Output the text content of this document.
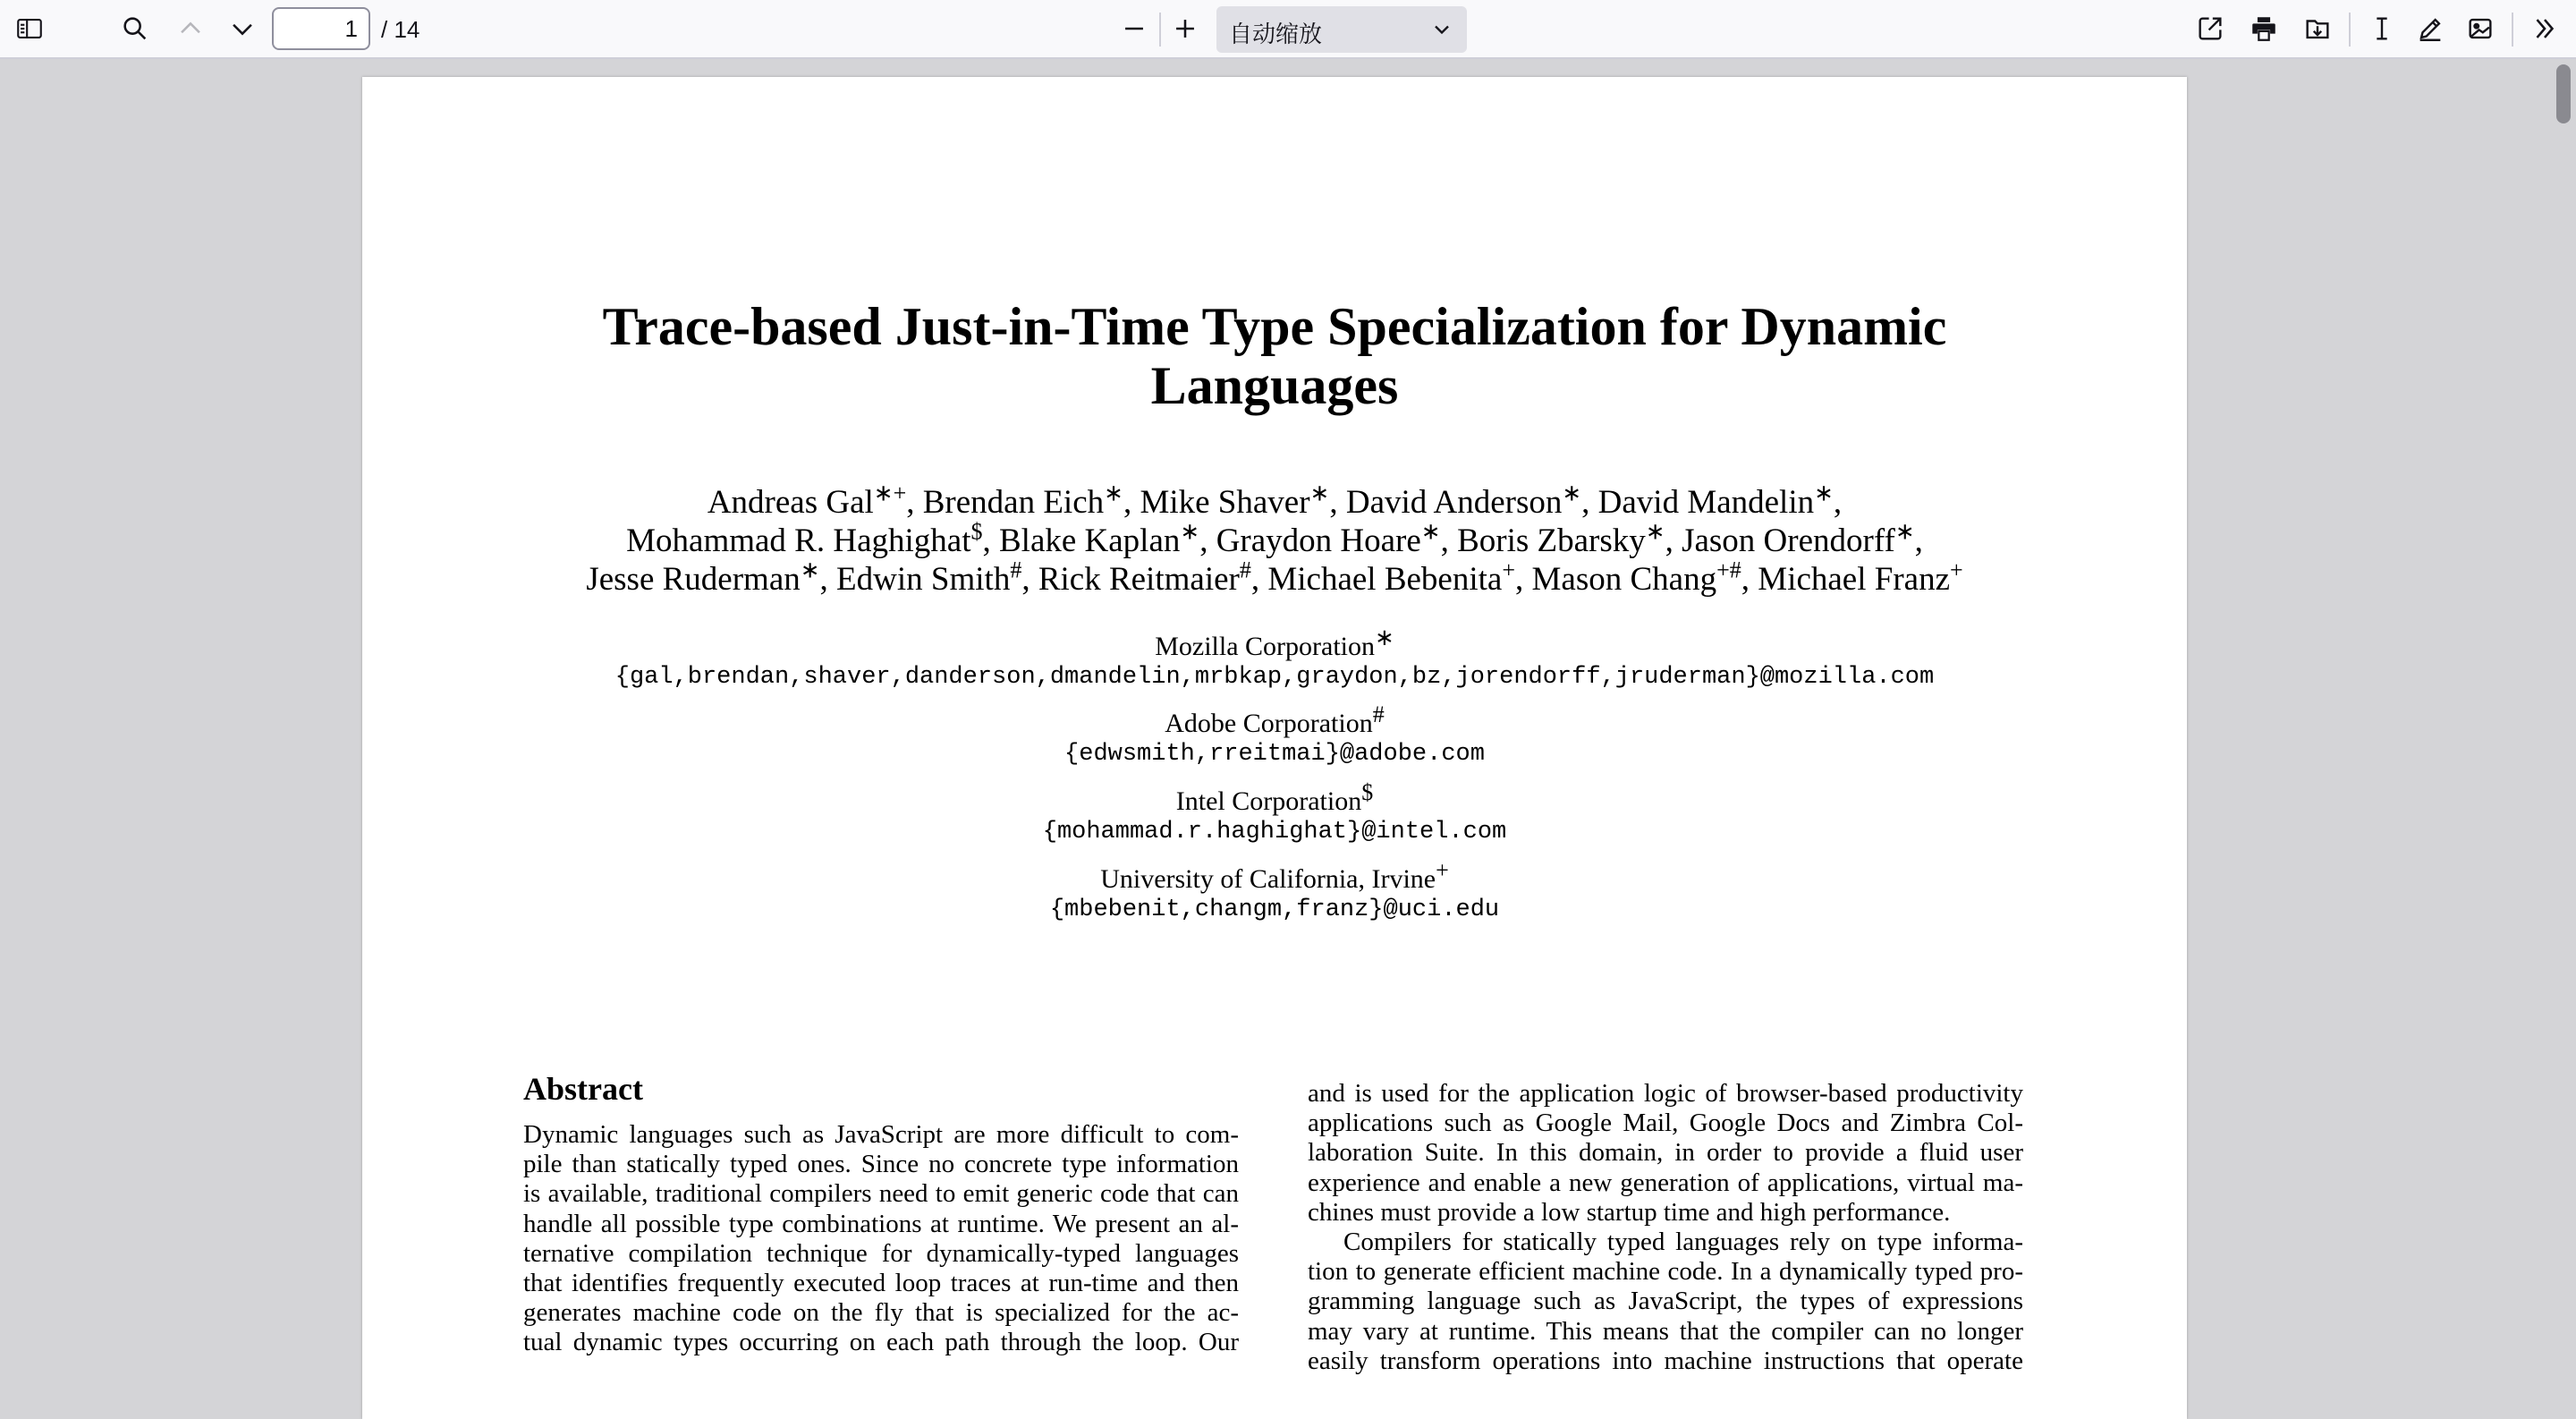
1
/ 14	自动缩放
Trace-based Just-in-Time Type Specialization for Dynamic
Languages
Andreas Gal∗+, Brendan Eich∗, Mike Shaver∗, David Anderson∗, David Mandelin∗,
Mohammad R. Haghighat$, Blake Kaplan∗, Graydon Hoare∗, Boris Zbarsky∗, Jason Orendorff∗,
Jesse Ruderman∗, Edwin Smith#, Rick Reitmaier#, Michael Bebenita+, Mason Chang+#, Michael Franz+
Mozilla Corporation∗
{gal,brendan,shaver,danderson,dmandelin,mrbkap,graydon,bz,jorendorff,jruderman}@mozilla.com
Adobe Corporation#
{edwsmith,rreitmai}@adobe.com
Intel Corporation$
{mohammad.r.haghighat}@intel.com
University of California, Irvine+
{mbebenit,changm,franz}@uci.edu
Abstract

Dynamic languages such as JavaScript are more difficult to com-

pile than statically typed ones. Since no concrete type information

is available, traditional compilers need to emit generic code that can

handle all possible type combinations at runtime. We present an al-

ternative compilation technique for dynamically-typed languages

that identifies frequently executed loop traces at run-time and then

generates machine code on the fly that is specialized for the ac-

tual dynamic types occurring on each path through the loop. Our

and is used for the application logic of browser-based productivity

applications such as Google Mail, Google Docs and Zimbra Col-

laboration Suite. In this domain, in order to provide a fluid user

experience and enable a new generation of applications, virtual ma-

chines must provide a low startup time and high performance.

Compilers for statically typed languages rely on type informa-

tion to generate efficient machine code. In a dynamically typed pro-

gramming language such as JavaScript, the types of expressions

may vary at runtime. This means that the compiler can no longer

easily transform operations into machine instructions that operate
